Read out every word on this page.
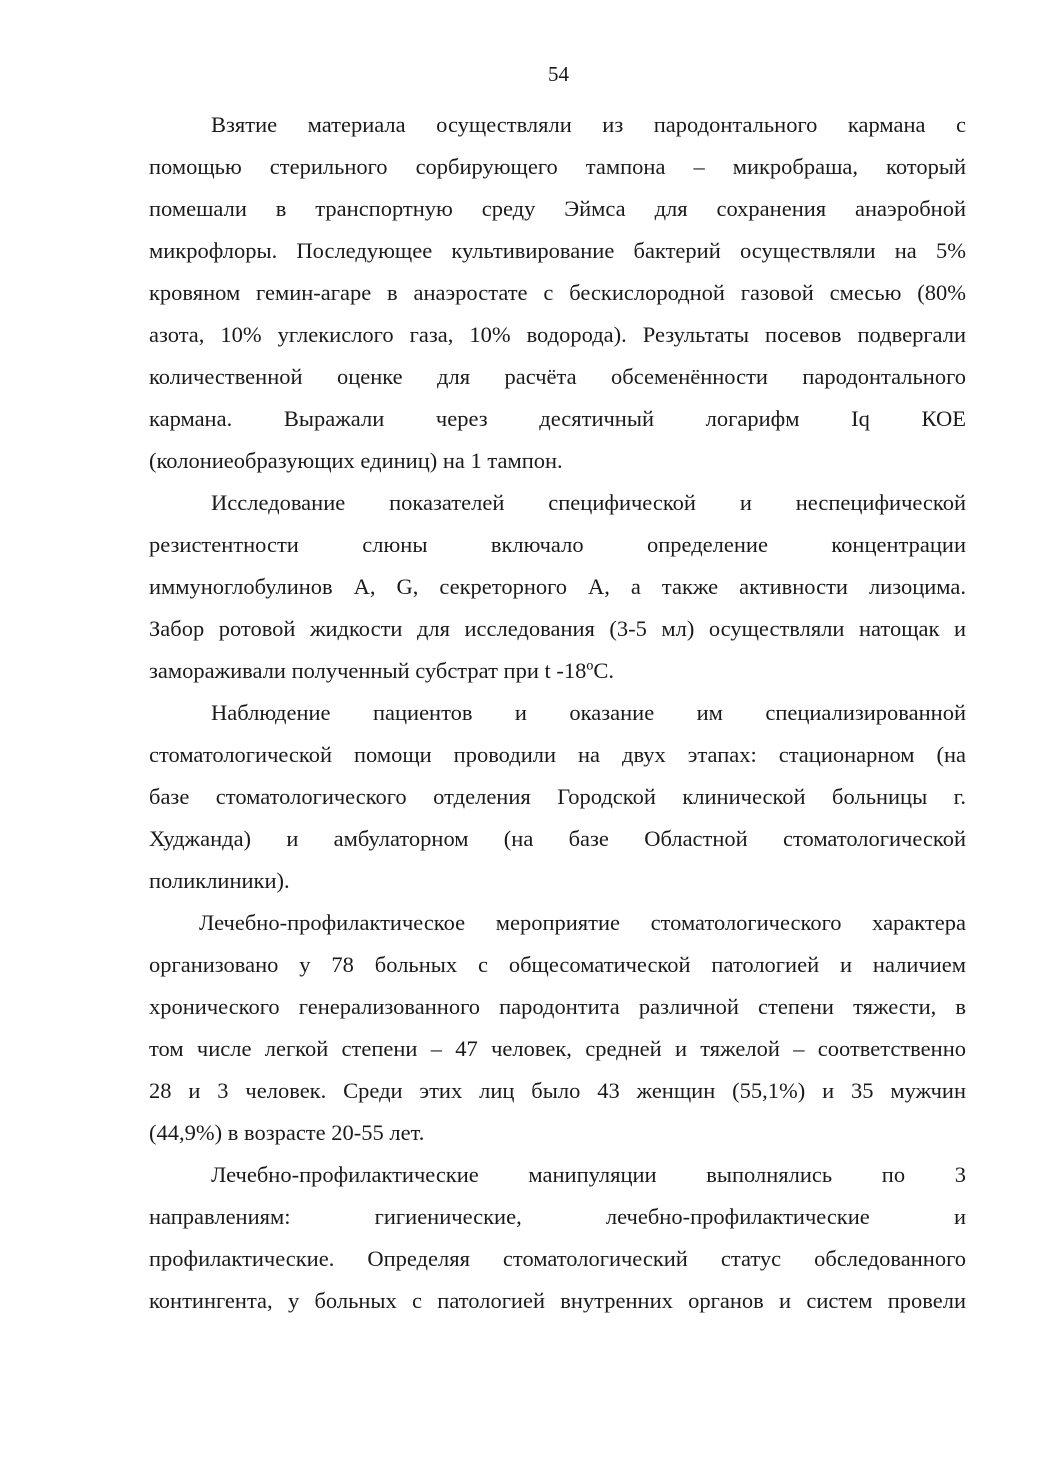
54
Взятие материала осуществляли из пародонтального кармана с
помощью стерильного сорбирующего тампона – микробраша, который
помешали в транспортную среду Эймса для сохранения анаэробной
микрофлоры. Последующее культивирование бактерий осуществляли на 5%
кровяном гемин-агаре в анаэростате с бескислородной газовой смесью (80%
азота, 10% углекислого газа, 10% водорода). Результаты посевов подвергали
количественной оценке для расчёта обсеменённости пародонтального
кармана. Выражали через десятичный логарифм Iq КОЕ
(колониеобразующих единиц) на 1 тампон.
Исследование показателей специфической и неспецифической
резистентности слюны включало определение концентрации
иммуноглобулинов A, G, секреторного A, а также активности лизоцима.
Забор ротовой жидкости для исследования (3-5 мл) осуществляли натощак и
замораживали полученный субстрат при t -18ºС.
Наблюдение пациентов и оказание им специализированной
стоматологической помощи проводили на двух этапах: стационарном (на
базе стоматологического отделения Городской клинической больницы г.
Худжанда) и амбулаторном (на базе Областной стоматологической
поликлиники).
Лечебно-профилактическое мероприятие стоматологического характера
организовано у 78 больных с общесоматической патологией и наличием
хронического генерализованного пародонтита различной степени тяжести, в
том числе легкой степени – 47 человек, средней и тяжелой – соответственно
28 и 3 человек. Среди этих лиц было 43 женщин (55,1%) и 35 мужчин
(44,9%) в возрасте 20-55 лет.
Лечебно-профилактические манипуляции выполнялись по 3
направлениям: гигиенические, лечебно-профилактические и
профилактические. Определяя стоматологический статус обследованного
контингента, у больных с патологией внутренних органов и систем провели
